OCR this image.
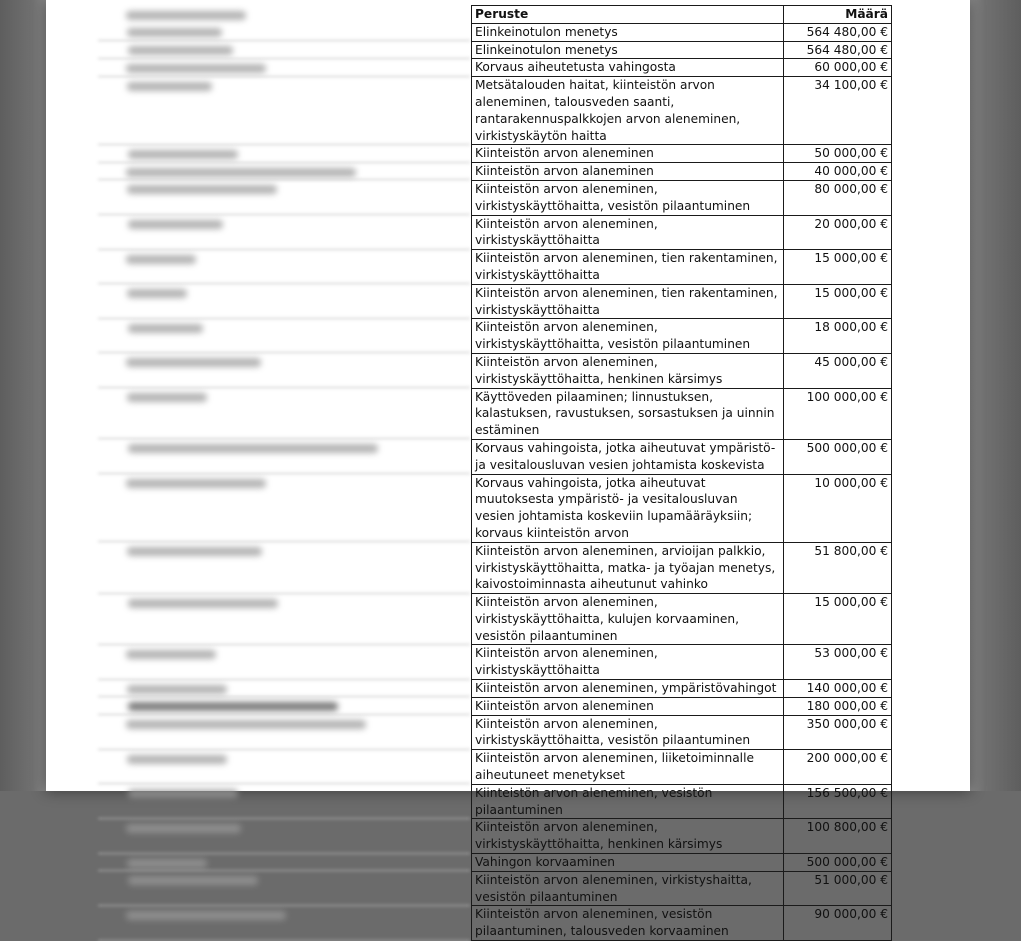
Peruste	Määrä
Elinkeinotulon menetys	564 480,00 €
Elinkeinotulon menetys	564 480,00 €
Korvaus aiheutetusta vahingosta	60 000,00 €
Metsätalouden haitat, kiinteistön arvon aleneminen, talousveden saanti, rantarakennuspalkkojen arvon aleneminen, virkistyskäytön haitta	34 100,00 €
Kiinteistön arvon aleneminen	50 000,00 €
Kiinteistön arvon alaneminen	40 000,00 €
Kiinteistön arvon aleneminen, virkistyskäyttöhaitta, vesistön pilaantuminen	80 000,00 €
Kiinteistön arvon aleneminen, virkistyskäyttöhaitta	20 000,00 €
Kiinteistön arvon aleneminen, tien rakentaminen, virkistyskäyttöhaitta	15 000,00 €
Kiinteistön arvon aleneminen, tien rakentaminen, virkistyskäyttöhaitta	15 000,00 €
Kiinteistön arvon aleneminen, virkistyskäyttöhaitta, vesistön pilaantuminen	18 000,00 €
Kiinteistön arvon aleneminen, virkistyskäyttöhaitta, henkinen kärsimys	45 000,00 €
Käyttöveden pilaaminen; linnustuksen, kalastuksen, ravustuksen, sorsastuksen ja uinnin estäminen	100 000,00 €
Korvaus vahingoista, jotka aiheutuvat ympäristö- ja vesitalousluvan vesien johtamista koskevista	500 000,00 €
Korvaus vahingoista, jotka aiheutuvat muutoksesta ympäristö- ja vesitalousluvan vesien johtamista koskeviin lupamääräyksiin; korvaus kiinteistön arvon	10 000,00 €
Kiinteistön arvon aleneminen, arvioijan palkkio, virkistyskäyttöhaitta, matka- ja työajan menetys, kaivostoiminnasta aiheutunut vahinko	51 800,00 €
Kiinteistön arvon aleneminen, virkistyskäyttöhaitta, kulujen korvaaminen, vesistön pilaantuminen	15 000,00 €
Kiinteistön arvon aleneminen, virkistyskäyttöhaitta	53 000,00 €
Kiinteistön arvon aleneminen, ympäristövahingot	140 000,00 €
Kiinteistön arvon aleneminen	180 000,00 €
Kiinteistön arvon aleneminen, virkistyskäyttöhaitta, vesistön pilaantuminen	350 000,00 €
Kiinteistön arvon aleneminen, liiketoiminnalle aiheutuneet menetykset	200 000,00 €
Kiinteistön arvon aleneminen, vesistön pilaantuminen	156 500,00 €
Kiinteistön arvon aleneminen, virkistyskäyttöhaitta, henkinen kärsimys	100 800,00 €
Vahingon korvaaminen	500 000,00 €
Kiinteistön arvon aleneminen, virkistyshaitta, vesistön pilaantuminen	51 000,00 €
Kiinteistön arvon aleneminen, vesistön pilaantuminen, talousveden korvaaminen	90 000,00 €
